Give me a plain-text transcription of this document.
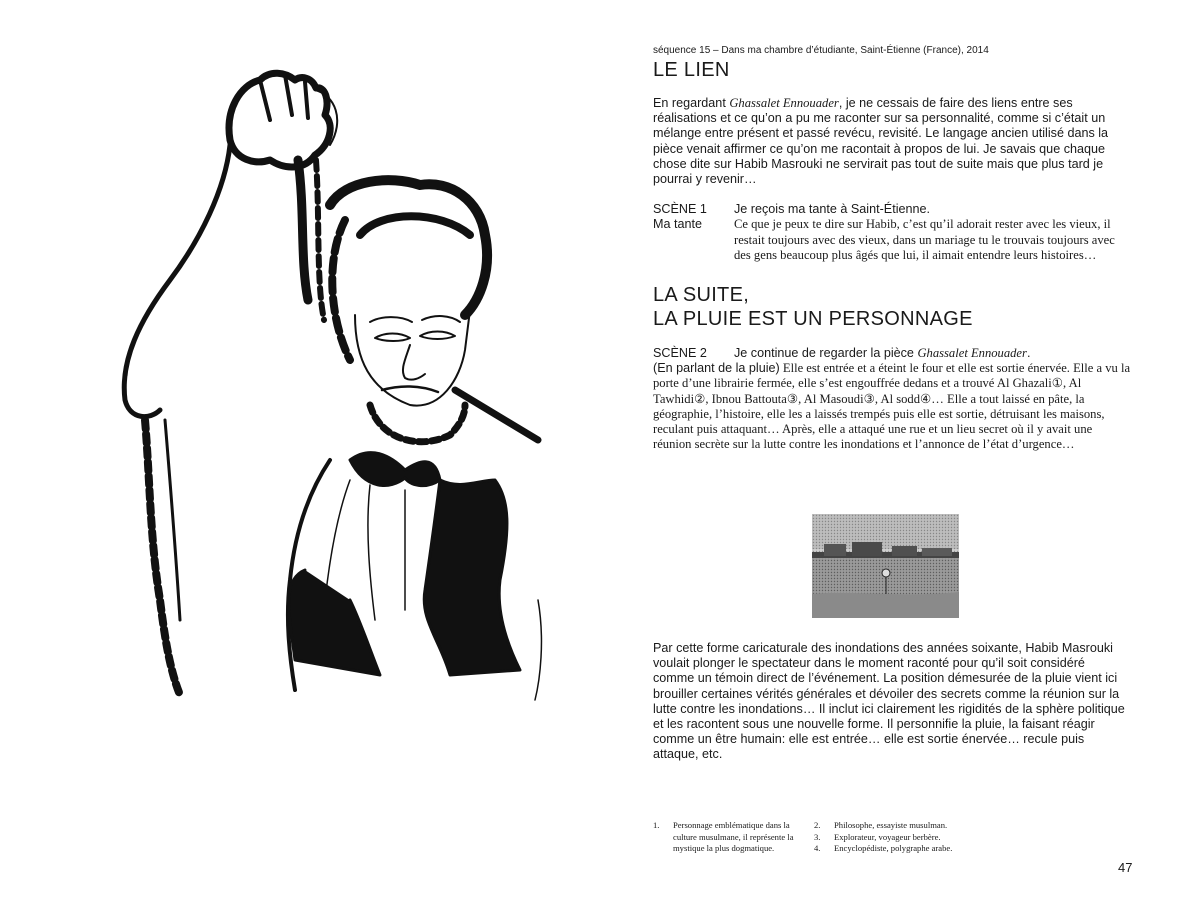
séquence 15 – Dans ma chambre d’étudiante, Saint-Étienne (France), 2014
LE LIEN

En regardant Ghassalet Ennouader, je ne cessais de faire des liens entre ses réalisations et ce qu’on a pu me raconter sur sa personnalité, comme si c’était un mélange entre présent et passé revécu, revisité. Le langage ancien utilisé dans la pièce venait affirmer ce qu’on me racontait à propos de lui. Je savais que chaque chose dite sur Habib Masrouki ne servirait pas tout de suite mais que plus tard je pourrai y revenir…

SCÈNE 1	Je reçois ma tante à Saint-Étienne.
Ma tante	Ce que je peux te dire sur Habib, c’est qu’il adorait rester avec les vieux, il restait toujours avec des vieux, dans un mariage tu le trouvais toujours avec des gens beaucoup plus âgés que lui, il aimait entendre leurs histoires…
LA SUITE,
LA PLUIE EST UN PERSONNAGE
SCÈNE 2	Je continue de regarder la pièce Ghassalet Ennouader.
(En parlant de la pluie) Elle est entrée et a éteint le four et elle est sortie énervée. Elle a vu la porte d’une librairie fermée, elle s’est engouffrée dedans et a trouvé Al Ghazali①, Al Tawhidi②, Ibnou Battouta③, Al Masoudi③, Al sodd④… Elle a tout laissé en pâte, la géographie, l’histoire, elle les a laissés trempés puis elle est sortie, détruisant les maisons, reculant puis attaquant… Après, elle a attaqué une rue et un lieu secret où il y avait une réunion secrète sur la lutte contre les inondations et l’annonce de l’état d’urgence…

Par cette forme caricaturale des inondations des années soixante, Habib Masrouki voulait plonger le spectateur dans le moment raconté pour qu’il soit considéré comme un témoin direct de l’événement. La position démesurée de la pluie vient ici brouiller certaines vérités générales et dévoiler des secrets comme la réunion sur la lutte contre les inondations… Il inclut ici clairement les rigidités de la sphère politique et les racontent sous une nouvelle forme. Il personnifie la pluie, la faisant réagir comme un être humain: elle est entrée… elle est sortie énervée… recule puis attaque, etc.

1.	Personnage emblématique dans la culture musulmane, il représente la mystique la plus dogmatique.
2.	Philosophe, essayiste musulman.
3.	Explorateur, voyageur berbère.
4.	Encyclopédiste, polygraphe arabe.
47
